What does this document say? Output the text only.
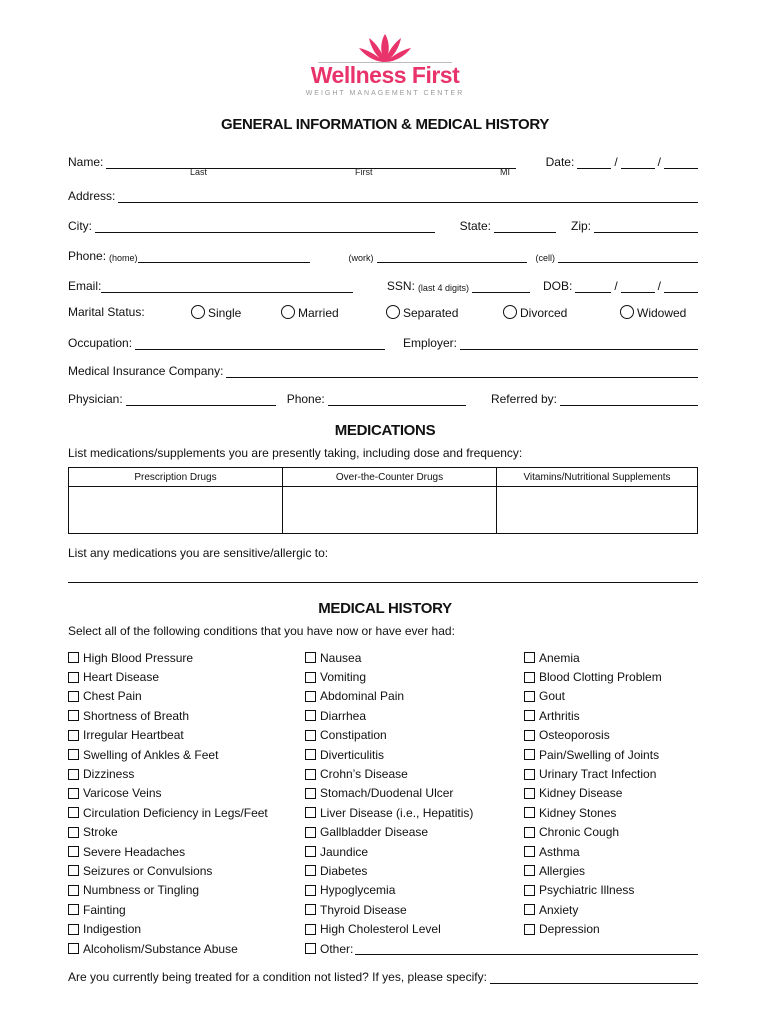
Wellness First
WEIGHT MANAGEMENT CENTER
GENERAL INFORMATION & MEDICAL HISTORY
Name:	Date:	/	/
Last	First	MI
Address:
City:	State:	Zip:
Phone: (home)	(work)	(cell)
Email:	SSN: (last 4 digits)	DOB:	/	/
Marital Status:	Single	Married	Separated	Divorced	Widowed
Occupation:	Employer:
Medical Insurance Company:
Physician:	Phone:	Referred by:
MEDICATIONS
List medications/supplements you are presently taking, including dose and frequency:
Prescription Drugs	Over-the-Counter Drugs	Vitamins/Nutritional Supplements

List any medications you are sensitive/allergic to:
MEDICAL HISTORY
Select all of the following conditions that you have now or have ever had:
High Blood Pressure
Heart Disease
Chest Pain
Shortness of Breath
Irregular Heartbeat
Swelling of Ankles & Feet
Dizziness
Varicose Veins
Circulation Deficiency in Legs/Feet
Stroke
Severe Headaches
Seizures or Convulsions
Numbness or Tingling
Fainting
Indigestion
Alcoholism/Substance Abuse
Nausea
Vomiting
Abdominal Pain
Diarrhea
Constipation
Diverticulitis
Crohn’s Disease
Stomach/Duodenal Ulcer
Liver Disease (i.e., Hepatitis)
Gallbladder Disease
Jaundice
Diabetes
Hypoglycemia
Thyroid Disease
High Cholesterol Level
Anemia
Blood Clotting Problem
Gout
Arthritis
Osteoporosis
Pain/Swelling of Joints
Urinary Tract Infection
Kidney Disease
Kidney Stones
Chronic Cough
Asthma
Allergies
Psychiatric Illness
Anxiety
Depression
Other:
Are you currently being treated for a condition not listed? If yes, please specify:
